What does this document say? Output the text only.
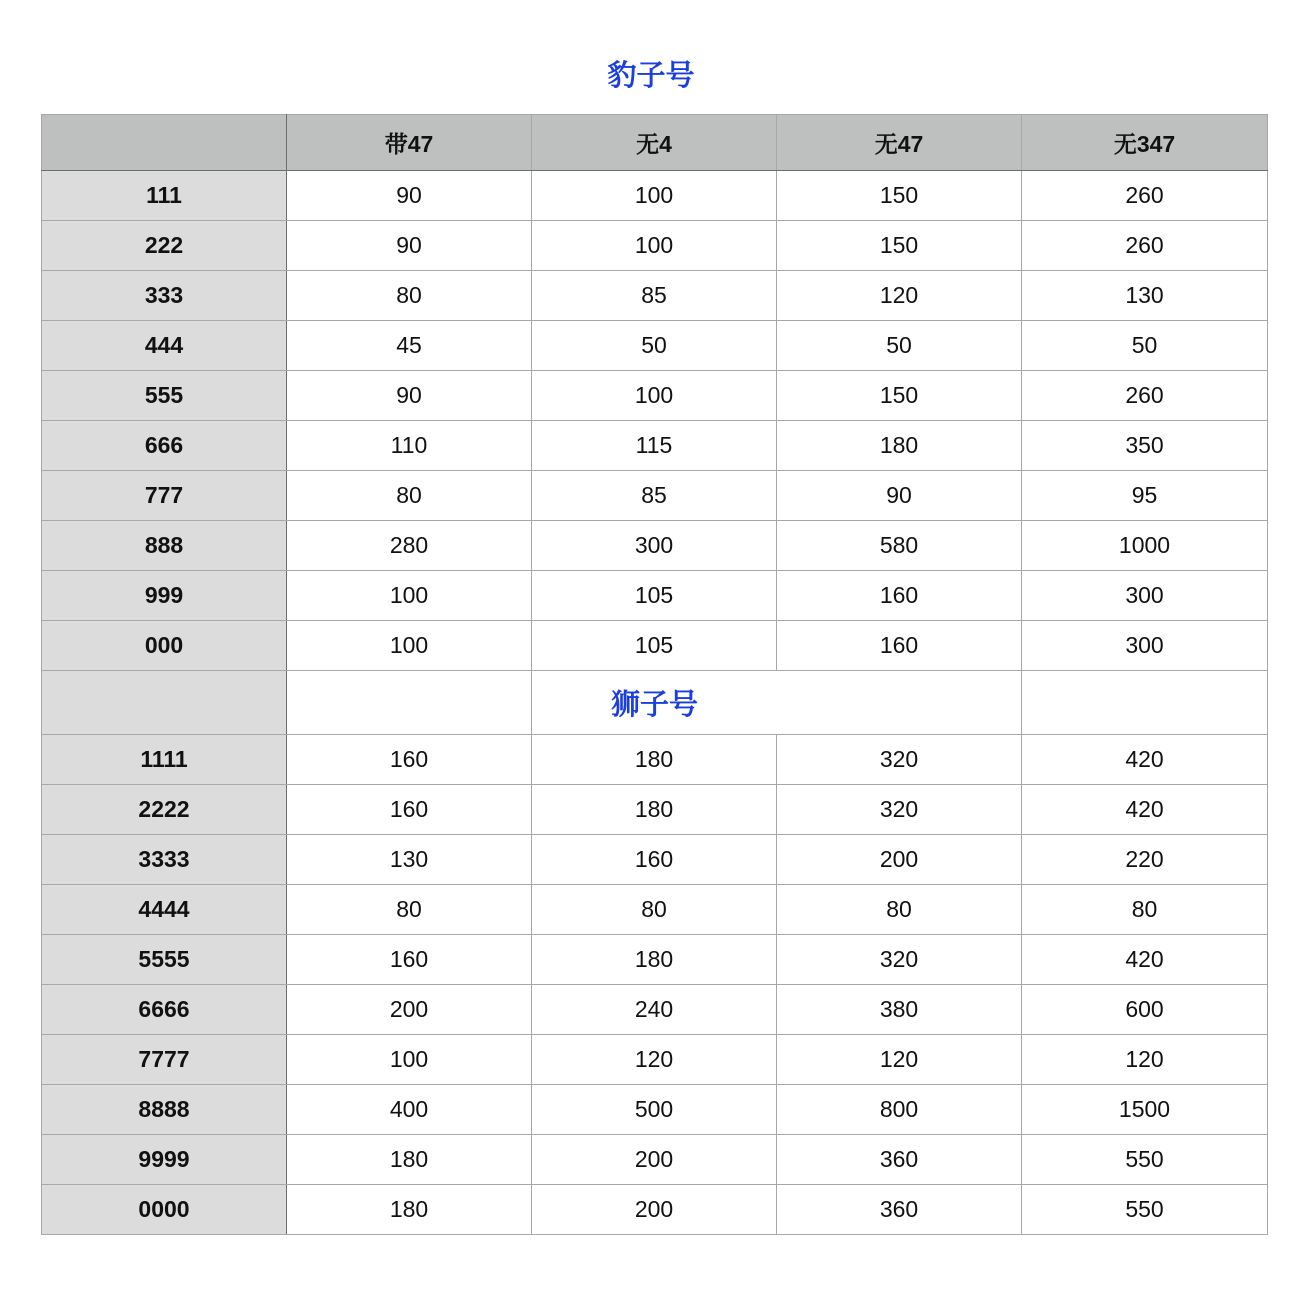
豹子号
	带47	无4	无47	无347
111	90	100	150	260
222	90	100	150	260
333	80	85	120	130
444	45	50	50	50
555	90	100	150	260
666	110	115	180	350
777	80	85	90	95
888	280	300	580	1000
999	100	105	160	300
000	100	105	160	300
		狮子号		
1111	160	180	320	420
2222	160	180	320	420
3333	130	160	200	220
4444	80	80	80	80
5555	160	180	320	420
6666	200	240	380	600
7777	100	120	120	120
8888	400	500	800	1500
9999	180	200	360	550
0000	180	200	360	550
